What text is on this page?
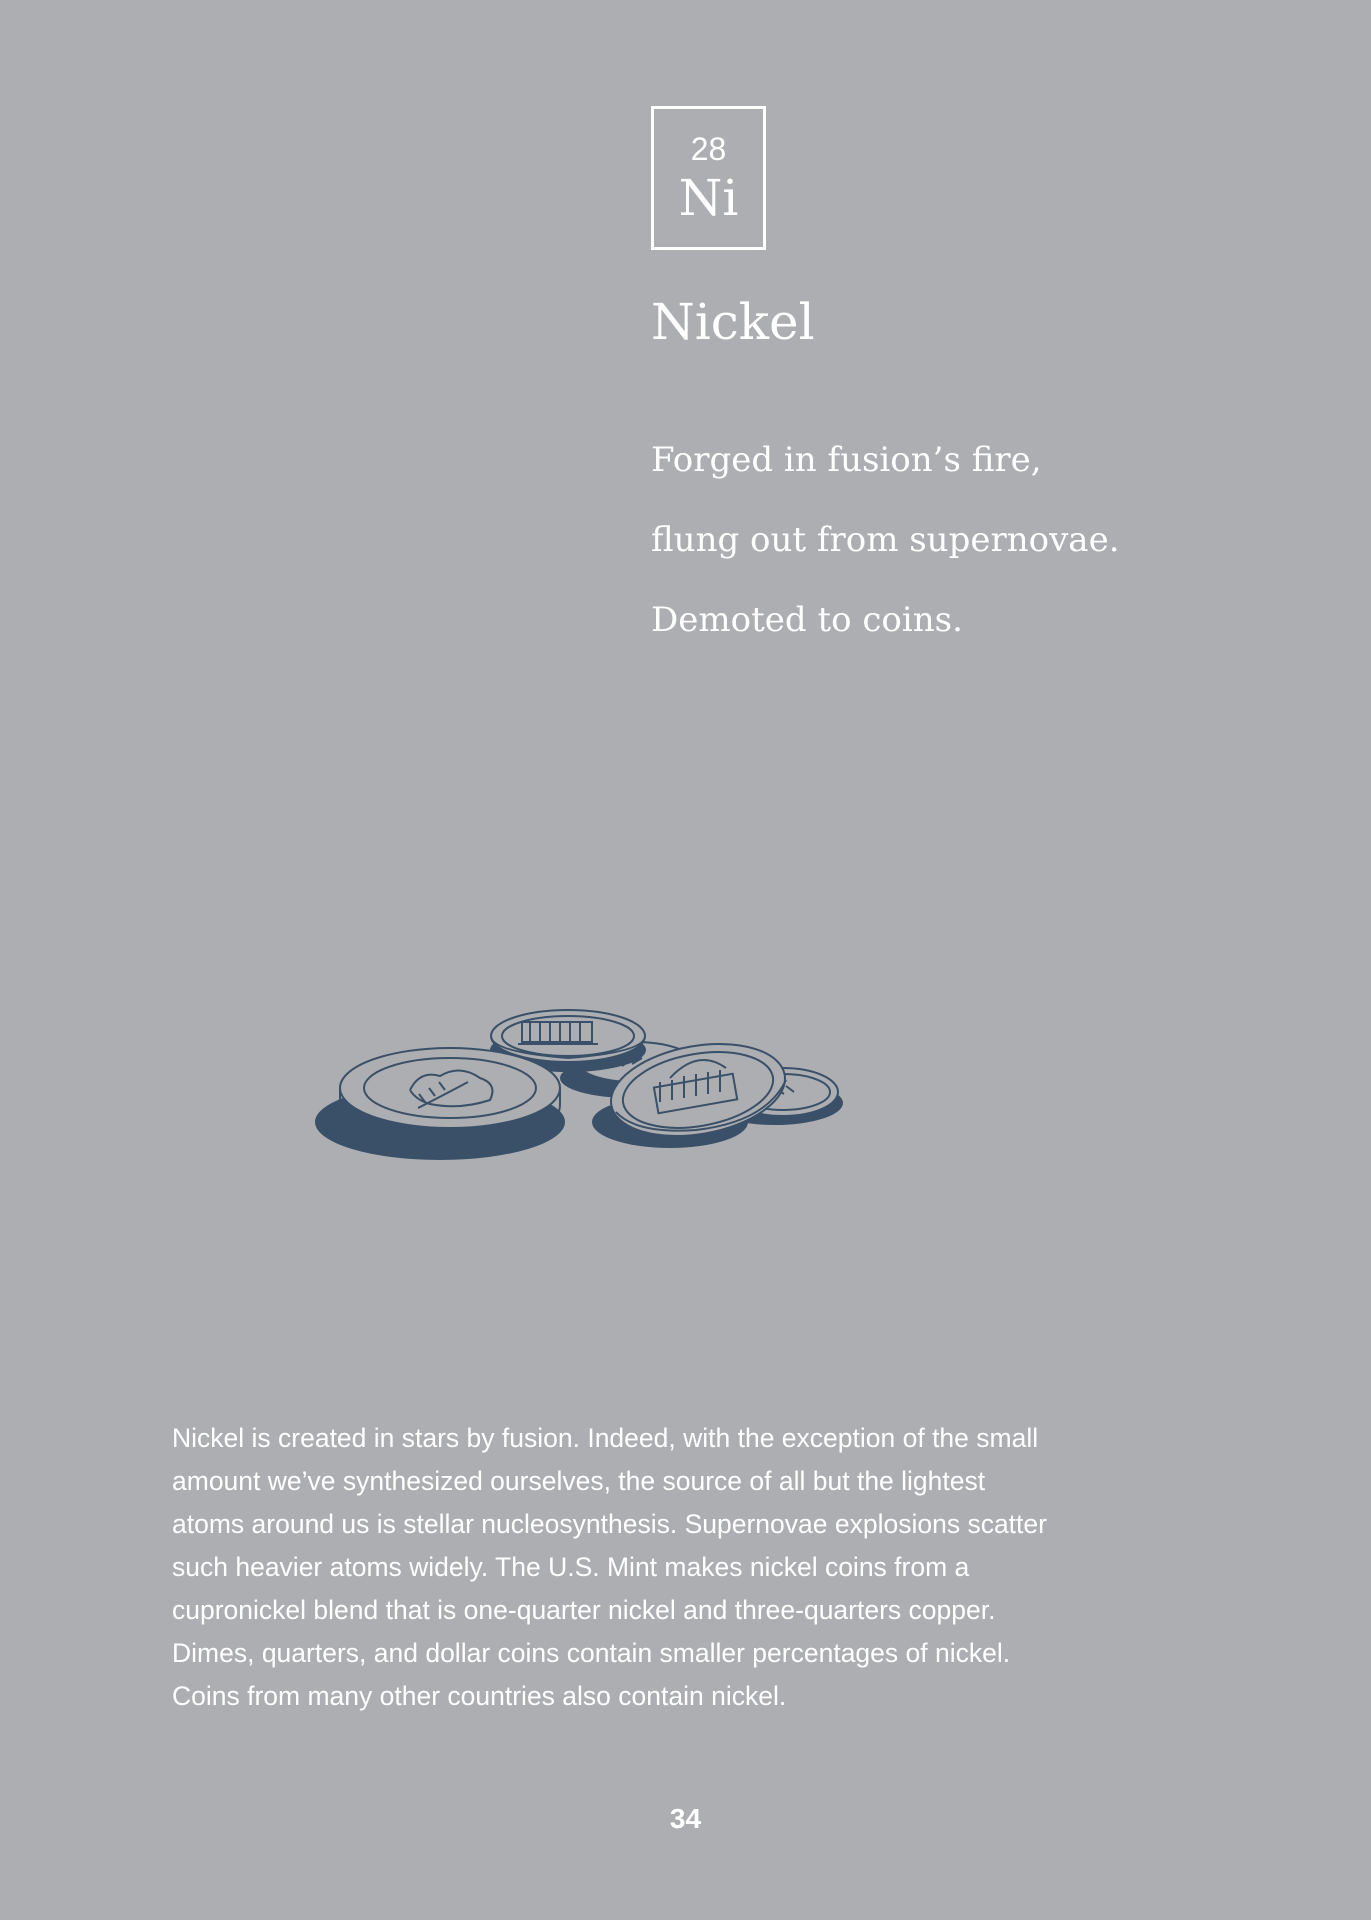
28
Ni
Nickel
Forged in fusion’s fire,
flung out from supernovae.
Demoted to coins.
Nickel is created in stars by fusion. Indeed, with the exception of the small
amount we’ve synthesized ourselves, the source of all but the lightest
atoms around us is stellar nucleosynthesis. Supernovae explosions scatter
such heavier atoms widely. The U.S. Mint makes nickel coins from a
cupronickel blend that is one-quarter nickel and three-quarters copper.
Dimes, quarters, and dollar coins contain smaller percentages of nickel.
Coins from many other countries also contain nickel.
34
